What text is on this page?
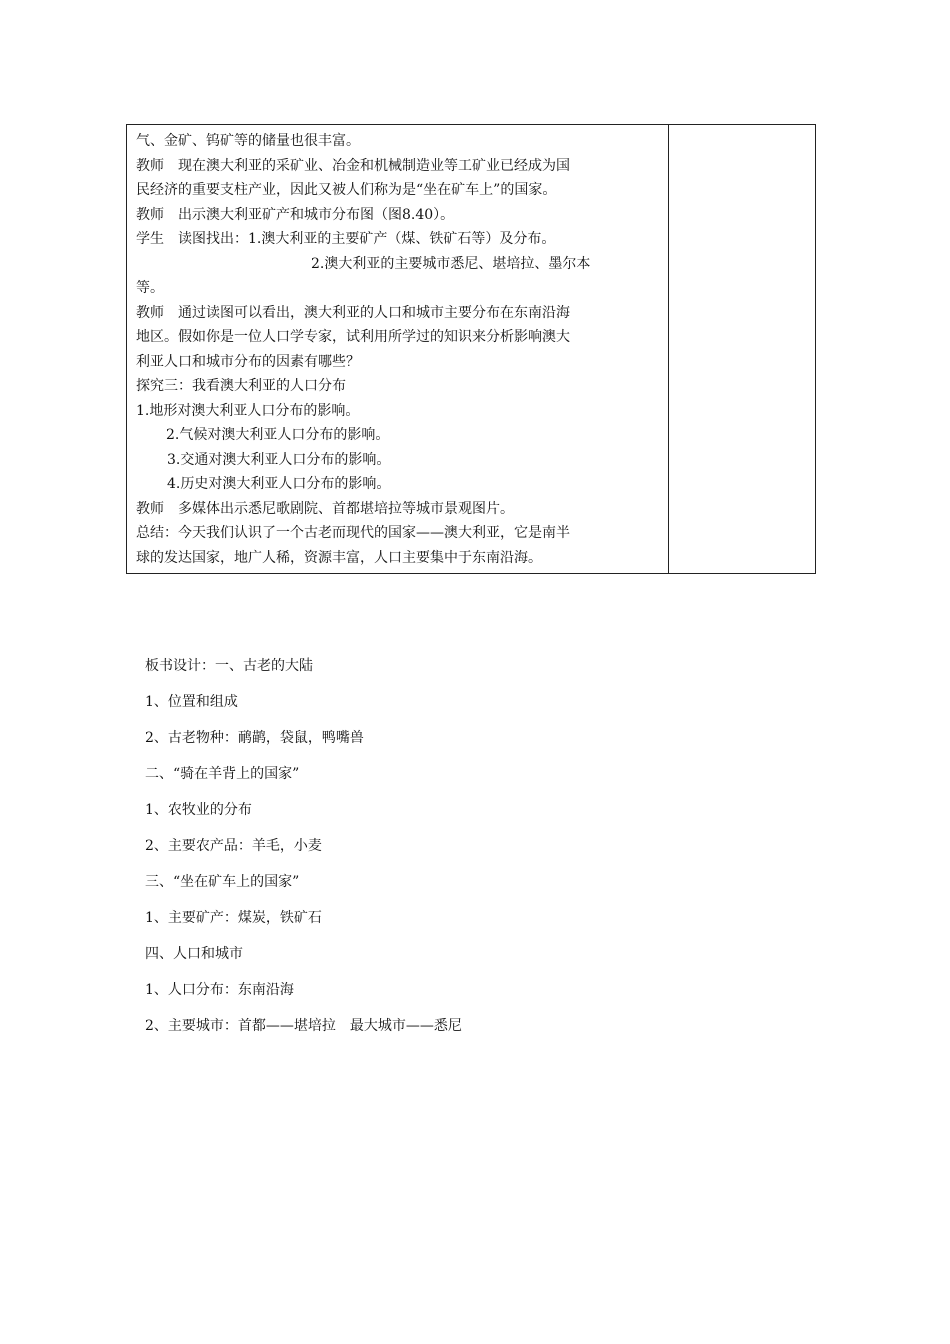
气、金矿、钨矿等的储量也很丰富。
教师　现在澳大利亚的采矿业、冶金和机械制造业等工矿业已经成为国
民经济的重要支柱产业，因此又被人们称为是“坐在矿车上”的国家。
教师　出示澳大利亚矿产和城市分布图（图8.40）。
学生　读图找出：1.澳大利亚的主要矿产（煤、铁矿石等）及分布。
2.澳大利亚的主要城市悉尼、堪培拉、墨尔本
等。
教师　通过读图可以看出，澳大利亚的人口和城市主要分布在东南沿海
地区。假如你是一位人口学专家，试利用所学过的知识来分析影响澳大
利亚人口和城市分布的因素有哪些？
探究三：我看澳大利亚的人口分布
1.地形对澳大利亚人口分布的影响。
2.气候对澳大利亚人口分布的影响。
3.交通对澳大利亚人口分布的影响。
4.历史对澳大利亚人口分布的影响。
教师　多媒体出示悉尼歌剧院、首都堪培拉等城市景观图片。
总结：今天我们认识了一个古老而现代的国家——澳大利亚，它是南半
球的发达国家，地广人稀，资源丰富，人口主要集中于东南沿海。
板书设计：一、古老的大陆
1、位置和组成
2、古老物种：鸸鹋，袋鼠，鸭嘴兽
二、“骑在羊背上的国家”
1、农牧业的分布
2、主要农产品：羊毛，小麦
三、“坐在矿车上的国家”
1、主要矿产：煤炭，铁矿石
四、人口和城市
1、人口分布：东南沿海
2、主要城市：首都——堪培拉　最大城市——悉尼
